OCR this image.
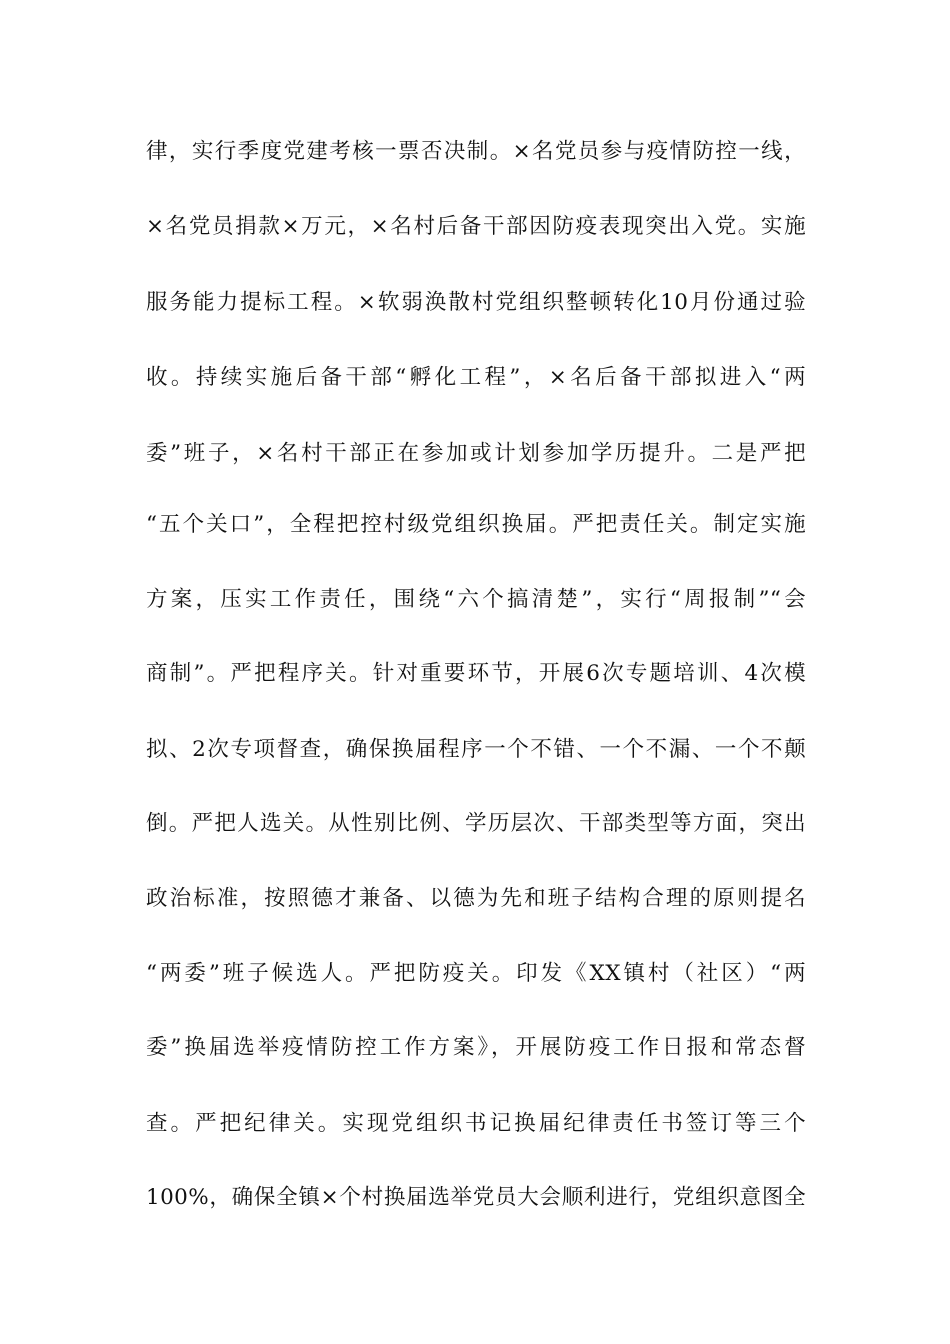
律，实行季度党建考核一票否决制。×名党员参与疫情防控一线，
×名党员捐款×万元，×名村后备干部因防疫表现突出入党。实施
服务能力提标工程。×软弱涣散村党组织整顿转化10月份通过验
收。持续实施后备干部“孵化工程”，×名后备干部拟进入“两
委”班子，×名村干部正在参加或计划参加学历提升。二是严把
“五个关口”，全程把控村级党组织换届。严把责任关。制定实施
方案，压实工作责任，围绕“六个搞清楚”，实行“周报制”“会
商制”。严把程序关。针对重要环节，开展6次专题培训、4次模
拟、2次专项督查，确保换届程序一个不错、一个不漏、一个不颠
倒。严把人选关。从性别比例、学历层次、干部类型等方面，突出
政治标准，按照德才兼备、以德为先和班子结构合理的原则提名
“两委”班子候选人。严把防疫关。印发《XX镇村（社区）“两
委”换届选举疫情防控工作方案》，开展防疫工作日报和常态督
查。严把纪律关。实现党组织书记换届纪律责任书签订等三个
100%，确保全镇×个村换届选举党员大会顺利进行，党组织意图全
